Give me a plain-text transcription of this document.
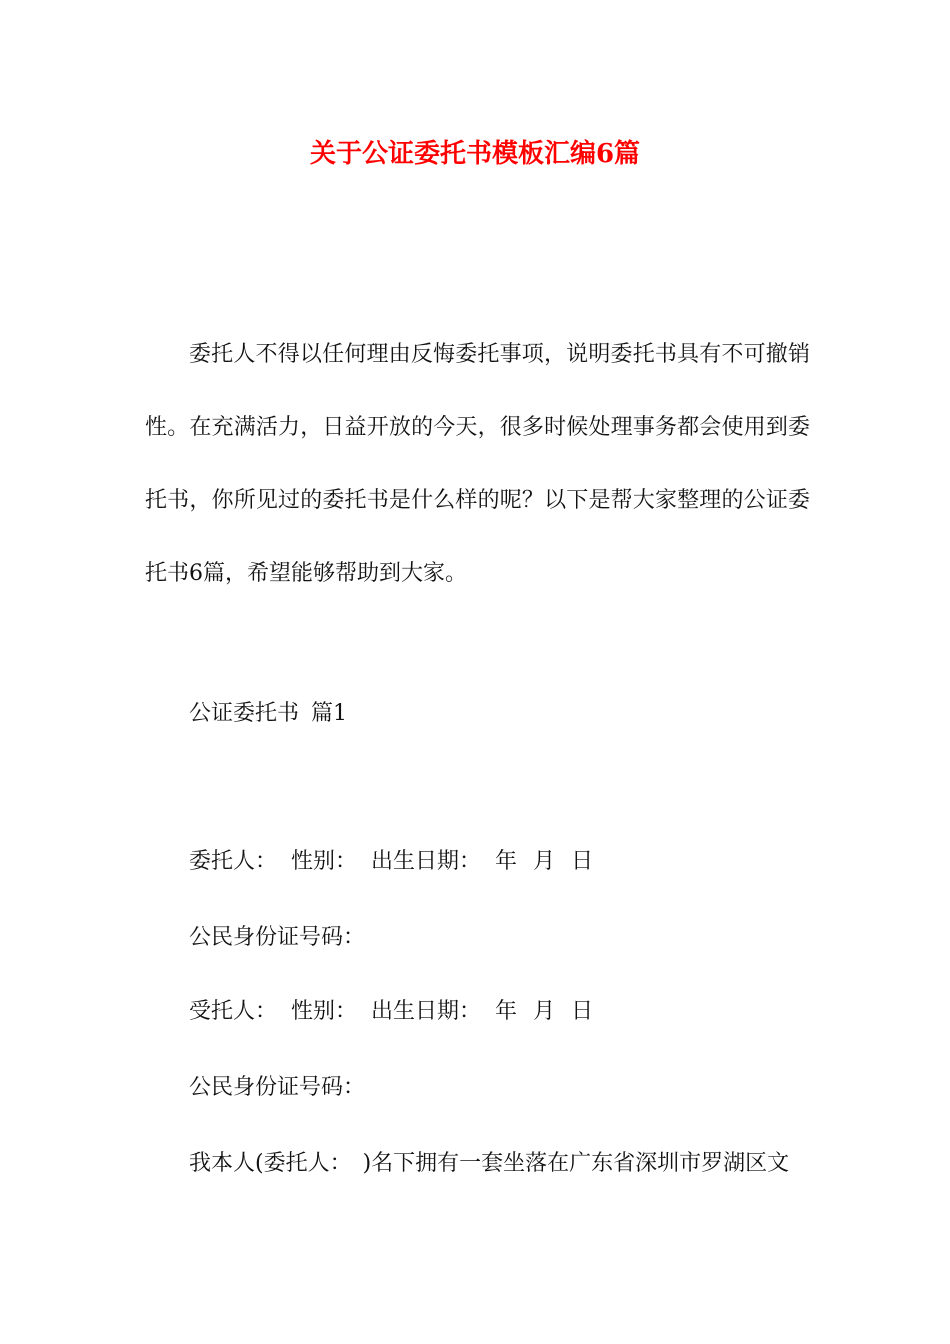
关于公证委托书模板汇编6篇

委托人不得以任何理由反悔委托事项，说明委托书具有不可撤销性。在充满活力，日益开放的今天，很多时候处理事务都会使用到委托书，你所见过的委托书是什么样的呢？以下是帮大家整理的公证委托书6篇，希望能够帮助到大家。

公证委托书 篇1

委托人： 性别： 出生日期： 年 月 日

公民身份证号码：

受托人： 性别： 出生日期： 年 月 日

公民身份证号码：

我本人(委托人：　)名下拥有一套坐落在广东省深圳市罗湖区文
